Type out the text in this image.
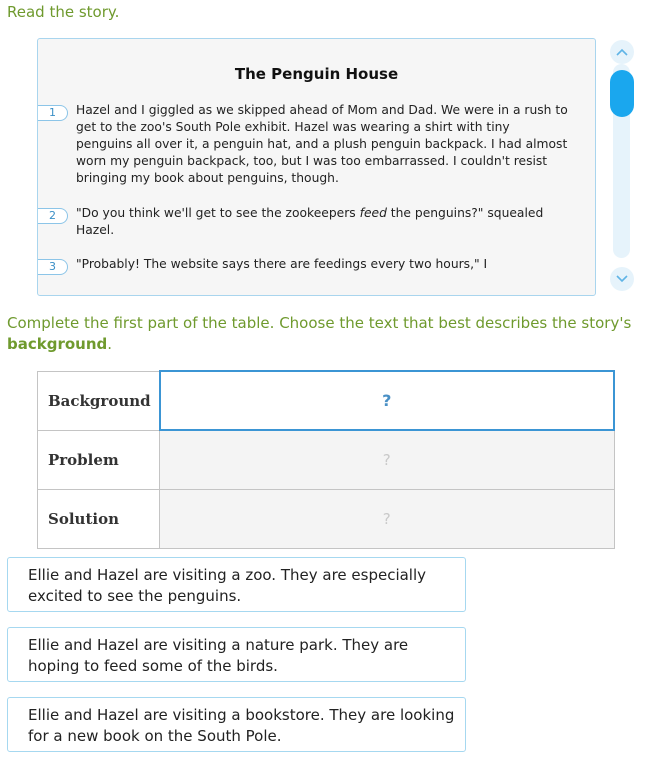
Read the story.
The Penguin House
1	Hazel and I giggled as we skipped ahead of Mom and Dad. We were in a rush to get to the zoo's South Pole exhibit. Hazel was wearing a shirt with tiny penguins all over it, a penguin hat, and a plush penguin backpack. I had almost worn my penguin backpack, too, but I was too embarrassed. I couldn't resist bringing my book about penguins, though.
2	"Do you think we'll get to see the zookeepers feed the penguins?" squealed Hazel.
3	"Probably! The website says there are feedings every two hours," I
Complete the first part of the table. Choose the text that best describes the story's background.
Background	?
Problem	?
Solution	?
Ellie and Hazel are visiting a zoo. They are especially excited to see the penguins.
Ellie and Hazel are visiting a nature park. They are hoping to feed some of the birds.
Ellie and Hazel are visiting a bookstore. They are looking for a new book on the South Pole.
